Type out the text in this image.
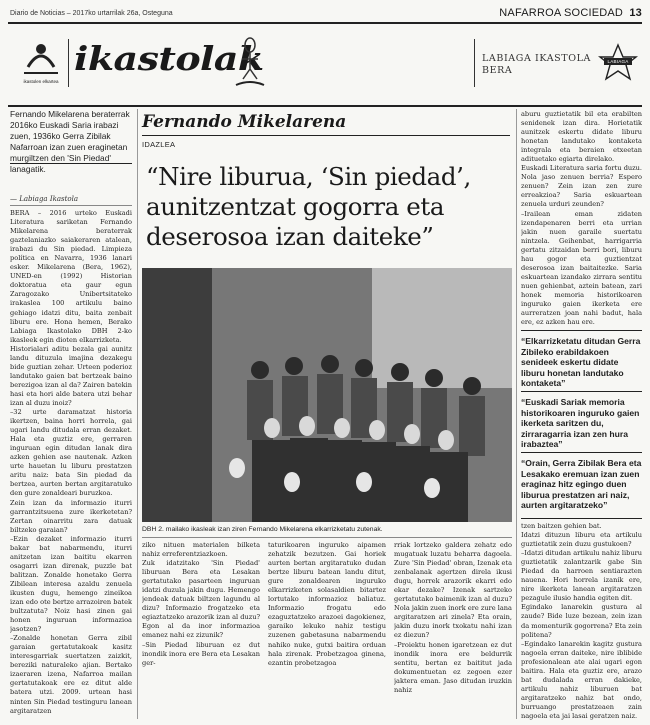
Diario de Noticias – 2017ko urtarrilak 26a, Osteguna	NAFARROA SOCIEDAD 13
ikastolen elkartea
ikastolak	LABIAGA IKASTOLA
BERA
LABIAGA
Fernando Mikelarena beraterrak 2016ko Euskadi Saria irabazi zuen, 1936ko Gerra Zibilak Nafarroan izan zuen eraginetan murgiltzen den 'Sin Piedad' lanagatik.
— Labiaga Ikastola
BERA – 2016 urteko Euskadi Literatura sariketan Fernando Mikelarena beraterrak gaztelaniazko saiakeraren atalean, irabazi du Sin piedad. Limpieza política en Navarra, 1936 lanari esker. Mikelarena (Bera, 1962), UNED-en (1992) Historian doktoratua eta gaur egun Zaragozako Unibertsitateko irakaslea 100 artikulu baino gehiago idatzi ditu, baita zenbait liburu ere. Hona hemen, Berako Labiaga Ikastolako DBH 2-ko ikasleek egin dioten elkarrizketa.
Historialari aditu bezala gai aunitz landu dituzula imajina dezakegu bide guztian zehar. Urteen poderioz landutako gaien bat bertzeak baino berezigoa izan al da? Zairen batekin hasi eta hori alde batera utzi behar izan al duzu inoiz?
–32 urte daramatzat historia ikertzen, baina horri horrela, gai ugari landu ditudala erran dezaket. Hala eta guztiz ere, gerraren inguruan egin ditudan lanak dira azken gehien ase nautenak. Azken urte hauetan lu liburu prestatzen aritu naiz: bata Sin piedad da bertzea, aurten bertan argitaratuko den gure zonaldeari buruzkoa.
Zein izan da informazio iturri garrantzitsuena zure ikerketetan? Zertan oinarritu zara datuak biltzeko garaian?
–Ezin dezaket informazio iturri bakar bat nabarmendu, iturri anitzetan izan baititu ekarren osagarri izan direnak, puzzle bat balitzan. Zonalde honetako Gerra Zibilean interesa azaldu zenuela ikusten dugu, hemengo zineikoa izan edo ote bertze arrazoiren batek bultzatuta? Noiz hasi zinen gai honen inguruan informazioa jasotzen?
–Zonalde honetan Gerra zibil garaian gertatutakoak kasitz interesgarriak suertatzen zaizkit, bereziki naturaleko ajian. Bertako izaeraren izena, Nafarroa mailan gertatutakoak ere ez ditut alde batera utzi. 2009. urtean hasi ninten Sin Piedad testinguru lanean argitaratzen
Fernando Mikelarena
IDAZLEA
“Nire liburua, ‘Sin piedad’, aunitzentzat gogorra eta deserosoa izan daiteke”
DBH 2. mailako ikasleak izan ziren Fernando Mikelarena elkarrizketatu zutenak.
ziko nituen materialen bilketa nahiz erreferentziazkoen.
Zuk idatzitako 'Sin Piedad' liburuan Bera eta Lesakan gertatutako pasarteen inguruan idatzi duzula jakin dugu. Hemengo jendeak datuak biltzen lagundu al dizu? Informazio frogatzeko eta egiaztatzeko arazorik izan al duzu? Egon al da inor informazioa emanez nahi ez zizunik?
–Sin Piedad liburuan ez dut inondik inora ere Bera eta Lesakan ger-
taturikoaren inguruko aipamen zehatzik bezutzen. Gai horiek aurten bertan argitaratuko dudan bertze liburu batean landu ditut, gure zonaldearen inguruko elkarrizketen solasaldien bitartez lortutako informazioz baliatuz. Informazio frogatu edo ezaguztatzeko arazoei dagokienez, garaiko lekuko nahiz testigu zuzenen gabetasuna nabarmendu nahiko nuke, gutxi baitira orduan hala zirenak. Probetzagoa ginena, ezantin probetzagoa
rriak lortzeko galdera zehatz edo mugatuak luzatu beharra dagoela. Zure 'Sin Piedad' obran, Izenak eta zenbalanak agertzen direla ikusi dugu, horrek arazorik ekarri edo ekar dezake? Izenak sartzeko gertatutako baimenik izan al duzu? Nola jakin zuen inork ere zure lana argitaratzen ari zinela? Eta orain, jakin duzu inork txokatu nahi izan ez diezun?
–Proiektu honen igaretzean ez dut inondik inora ere beldurrik sentitu, bertan ez baititut jada dokumentuetan ez zegoen ezer jaktera eman. Jaso ditudan iruzkin nahiz
aburu guztietatik bil eta erabilten senidenek izan dira. Horietatik aunitzek eskertu didate liburu honetan landutako kontaketa integrala eta beraien etxeetan adituetako egiarta direlako.
Euskadi Literatura saria fortu duzu. Nola jaso zenuen berria? Espero zenuen? Zein izan zen zure erreakzioa? Saria eskuartean zenuela urduri zeunden?
–Irailean eman zidaten izendapenaren berri eta urrian jakin nuen garaile suertatu nintzela. Geihenbat, harrigarria gertatu zitzaidan berri bori, liburu hau gogor eta guztientzat deserosoa izan baitaitezke. Saria eskuartean izandako zirrara sentitu nuen gehienbat, aztein batean, zari honek memoria historikoaren inguruko gaien ikerketa ere aurreratzen joan nahi badut, hala ere, ez azken hau ere.
“Elkarrizketatu ditudan Gerra Zibileko erabildakoen senideek eskertu didate liburu honetan landutako kontaketa”
“Euskadi Sariak memoria historikoaren inguruko gaien ikerketa saritzen du, zirraragarria izan zen hura irabaztea”
“Orain, Gerra Zibilak Bera eta Lesakako eremuan izan zuen eraginaz hitz egingo duen liburua prestatzen ari naiz, aurten argitaratzeko”
tzen baitzen gehien bat.
Idatzi dituzun liburu eta artikulu guztietatik zein duzu gustukoen?
–Idatzi ditudan artikulu nahiz liburu guztietatik zalantzarik gabe Sin Piedad da harroen sentiarazten nauena. Hori horrela izanik ere, nire ikerketa lanean argitaratzen pezagule ilusio handia egiten dit.
Egindako lanarekin gustura al zaude? Bide luze bezean, zein izan da momenturik gogorrena? Eta zein politena?
–Egindako lanarekin kagitz gustura nagoela erran daiteke, nire iblibide profesionalean ate alai ugari egon baitira. Hala eta guztiz ere, arazo bat dudalada erran dakieke, artikulu nahiz liburuen bat argitaratzeko nahiz bat ondo, burruango prestatzeaen zain nagoela eta jai lasai geratzen naiz.
